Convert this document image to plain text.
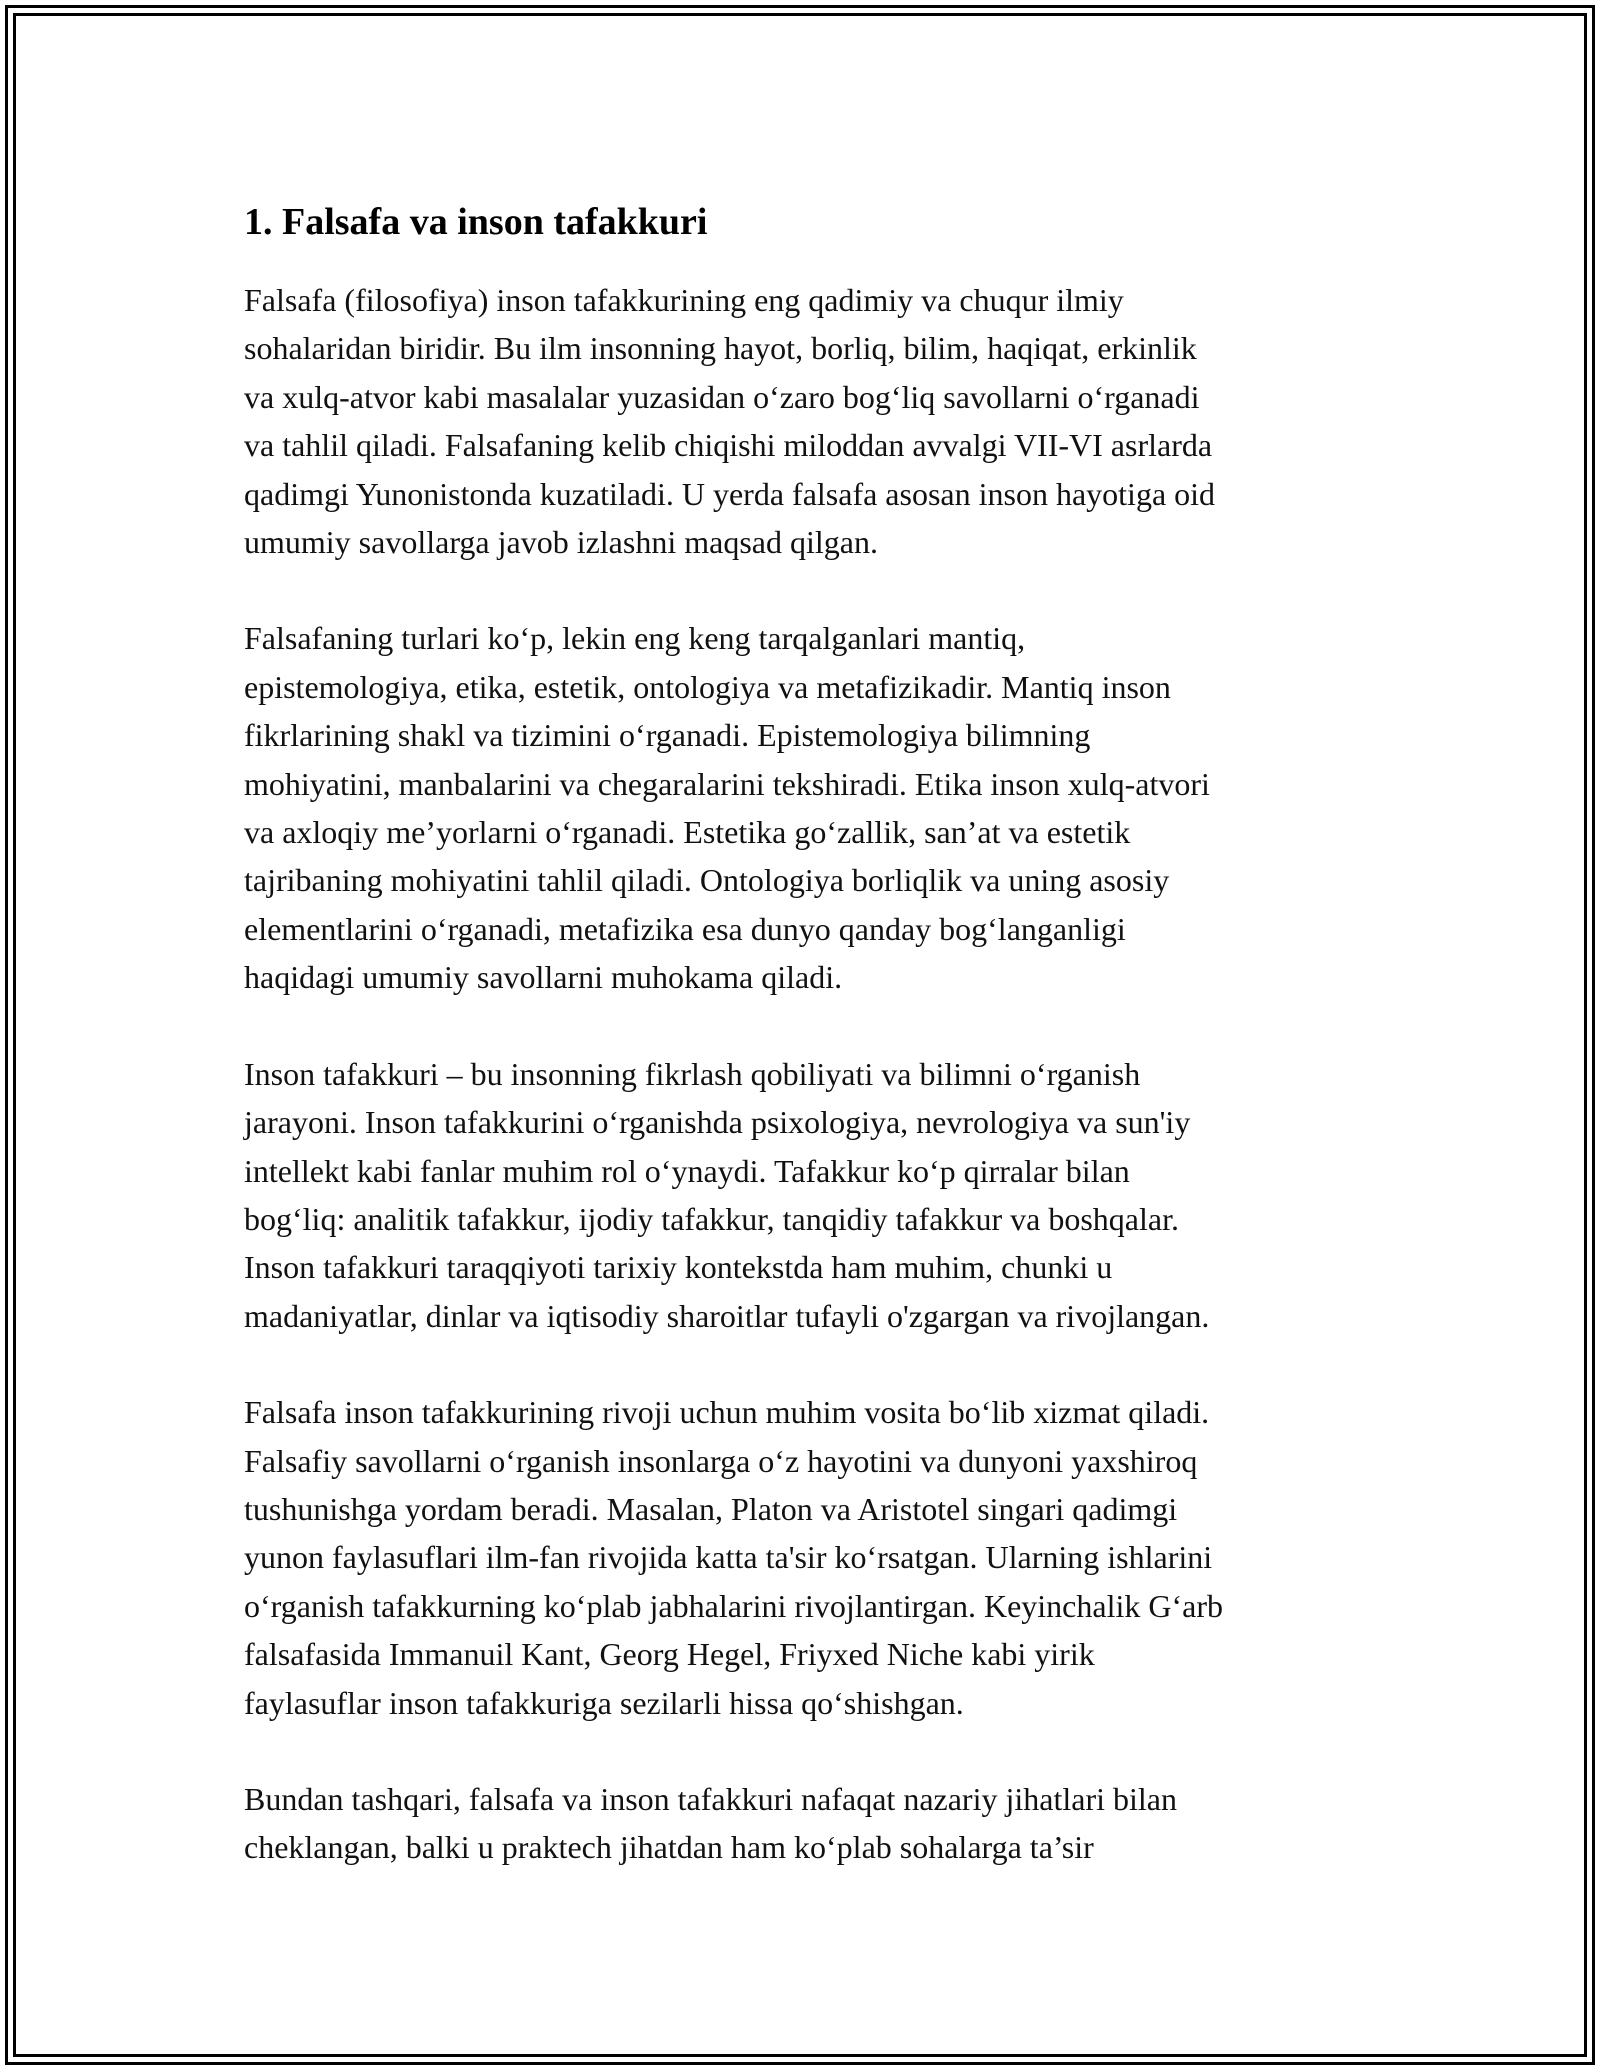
1. Falsafa va inson tafakkuri
Falsafa (filosofiya) inson tafakkurining eng qadimiy va chuqur ilmiy
sohalaridan biridir. Bu ilm insonning hayot, borliq, bilim, haqiqat, erkinlik
va xulq-atvor kabi masalalar yuzasidan o‘zaro bog‘liq savollarni o‘rganadi
va tahlil qiladi. Falsafaning kelib chiqishi miloddan avvalgi VII-VI asrlarda
qadimgi Yunonistonda kuzatiladi. U yerda falsafa asosan inson hayotiga oid
umumiy savollarga javob izlashni maqsad qilgan.
Falsafaning turlari ko‘p, lekin eng keng tarqalganlari mantiq,
epistemologiya, etika, estetik, ontologiya va metafizikadir. Mantiq inson
fikrlarining shakl va tizimini o‘rganadi. Epistemologiya bilimning
mohiyatini, manbalarini va chegaralarini tekshiradi. Etika inson xulq-atvori
va axloqiy me’yorlarni o‘rganadi. Estetika go‘zallik, san’at va estetik
tajribaning mohiyatini tahlil qiladi. Ontologiya borliqlik va uning asosiy
elementlarini o‘rganadi, metafizika esa dunyo qanday bog‘langanligi
haqidagi umumiy savollarni muhokama qiladi.
Inson tafakkuri – bu insonning fikrlash qobiliyati va bilimni o‘rganish
jarayoni. Inson tafakkurini o‘rganishda psixologiya, nevrologiya va sun'iy
intellekt kabi fanlar muhim rol o‘ynaydi. Tafakkur ko‘p qirralar bilan
bog‘liq: analitik tafakkur, ijodiy tafakkur, tanqidiy tafakkur va boshqalar.
Inson tafakkuri taraqqiyoti tarixiy kontekstda ham muhim, chunki u
madaniyatlar, dinlar va iqtisodiy sharoitlar tufayli o'zgargan va rivojlangan.
Falsafa inson tafakkurining rivoji uchun muhim vosita bo‘lib xizmat qiladi.
Falsafiy savollarni o‘rganish insonlarga o‘z hayotini va dunyoni yaxshiroq
tushunishga yordam beradi. Masalan, Platon va Aristotel singari qadimgi
yunon faylasuflari ilm-fan rivojida katta ta'sir ko‘rsatgan. Ularning ishlarini
o‘rganish tafakkurning ko‘plab jabhalarini rivojlantirgan. Keyinchalik G‘arb
falsafasida Immanuil Kant, Georg Hegel, Friyxed Niche kabi yirik
faylasuflar inson tafakkuriga sezilarli hissa qo‘shishgan.
Bundan tashqari, falsafa va inson tafakkuri nafaqat nazariy jihatlari bilan
cheklangan, balki u praktech jihatdan ham ko‘plab sohalarga ta’sir
